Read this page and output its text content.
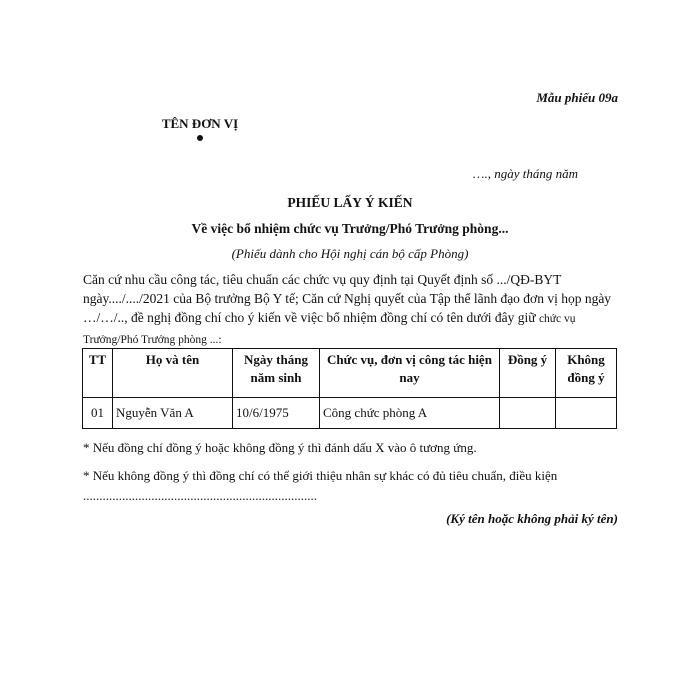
Mẫu phiếu 09a
TÊN ĐƠN VỊ
…., ngày tháng năm
PHIẾU LẤY Ý KIẾN
Về việc bổ nhiệm chức vụ Trưởng/Phó Trưởng phòng...
(Phiếu dành cho Hội nghị cán bộ cấp Phòng)
Căn cứ nhu cầu công tác, tiêu chuẩn các chức vụ quy định tại Quyết định số .../QĐ-BYT ngày..../..../2021 của Bộ trưởng Bộ Y tế; Căn cứ Nghị quyết của Tập thể lãnh đạo đơn vị họp ngày …/…/.., đề nghị đồng chí cho ý kiến về việc bổ nhiệm đồng chí có tên dưới đây giữ chức vụ Trưởng/Phó Trưởng phòng ...:
TT	Họ và tên	Ngày tháng năm sinh	Chức vụ, đơn vị công tác hiện nay	Đồng ý	Không đồng ý
01	Nguyễn Văn A	10/6/1975	Công chức phòng A		
* Nếu đồng chí đồng ý hoặc không đồng ý thì đánh dấu X vào ô tương ứng.
* Nếu không đồng ý thì đồng chí có thể giới thiệu nhân sự khác có đủ tiêu chuẩn, điều kiện ........................................................................
(Ký tên hoặc không phải ký tên)
